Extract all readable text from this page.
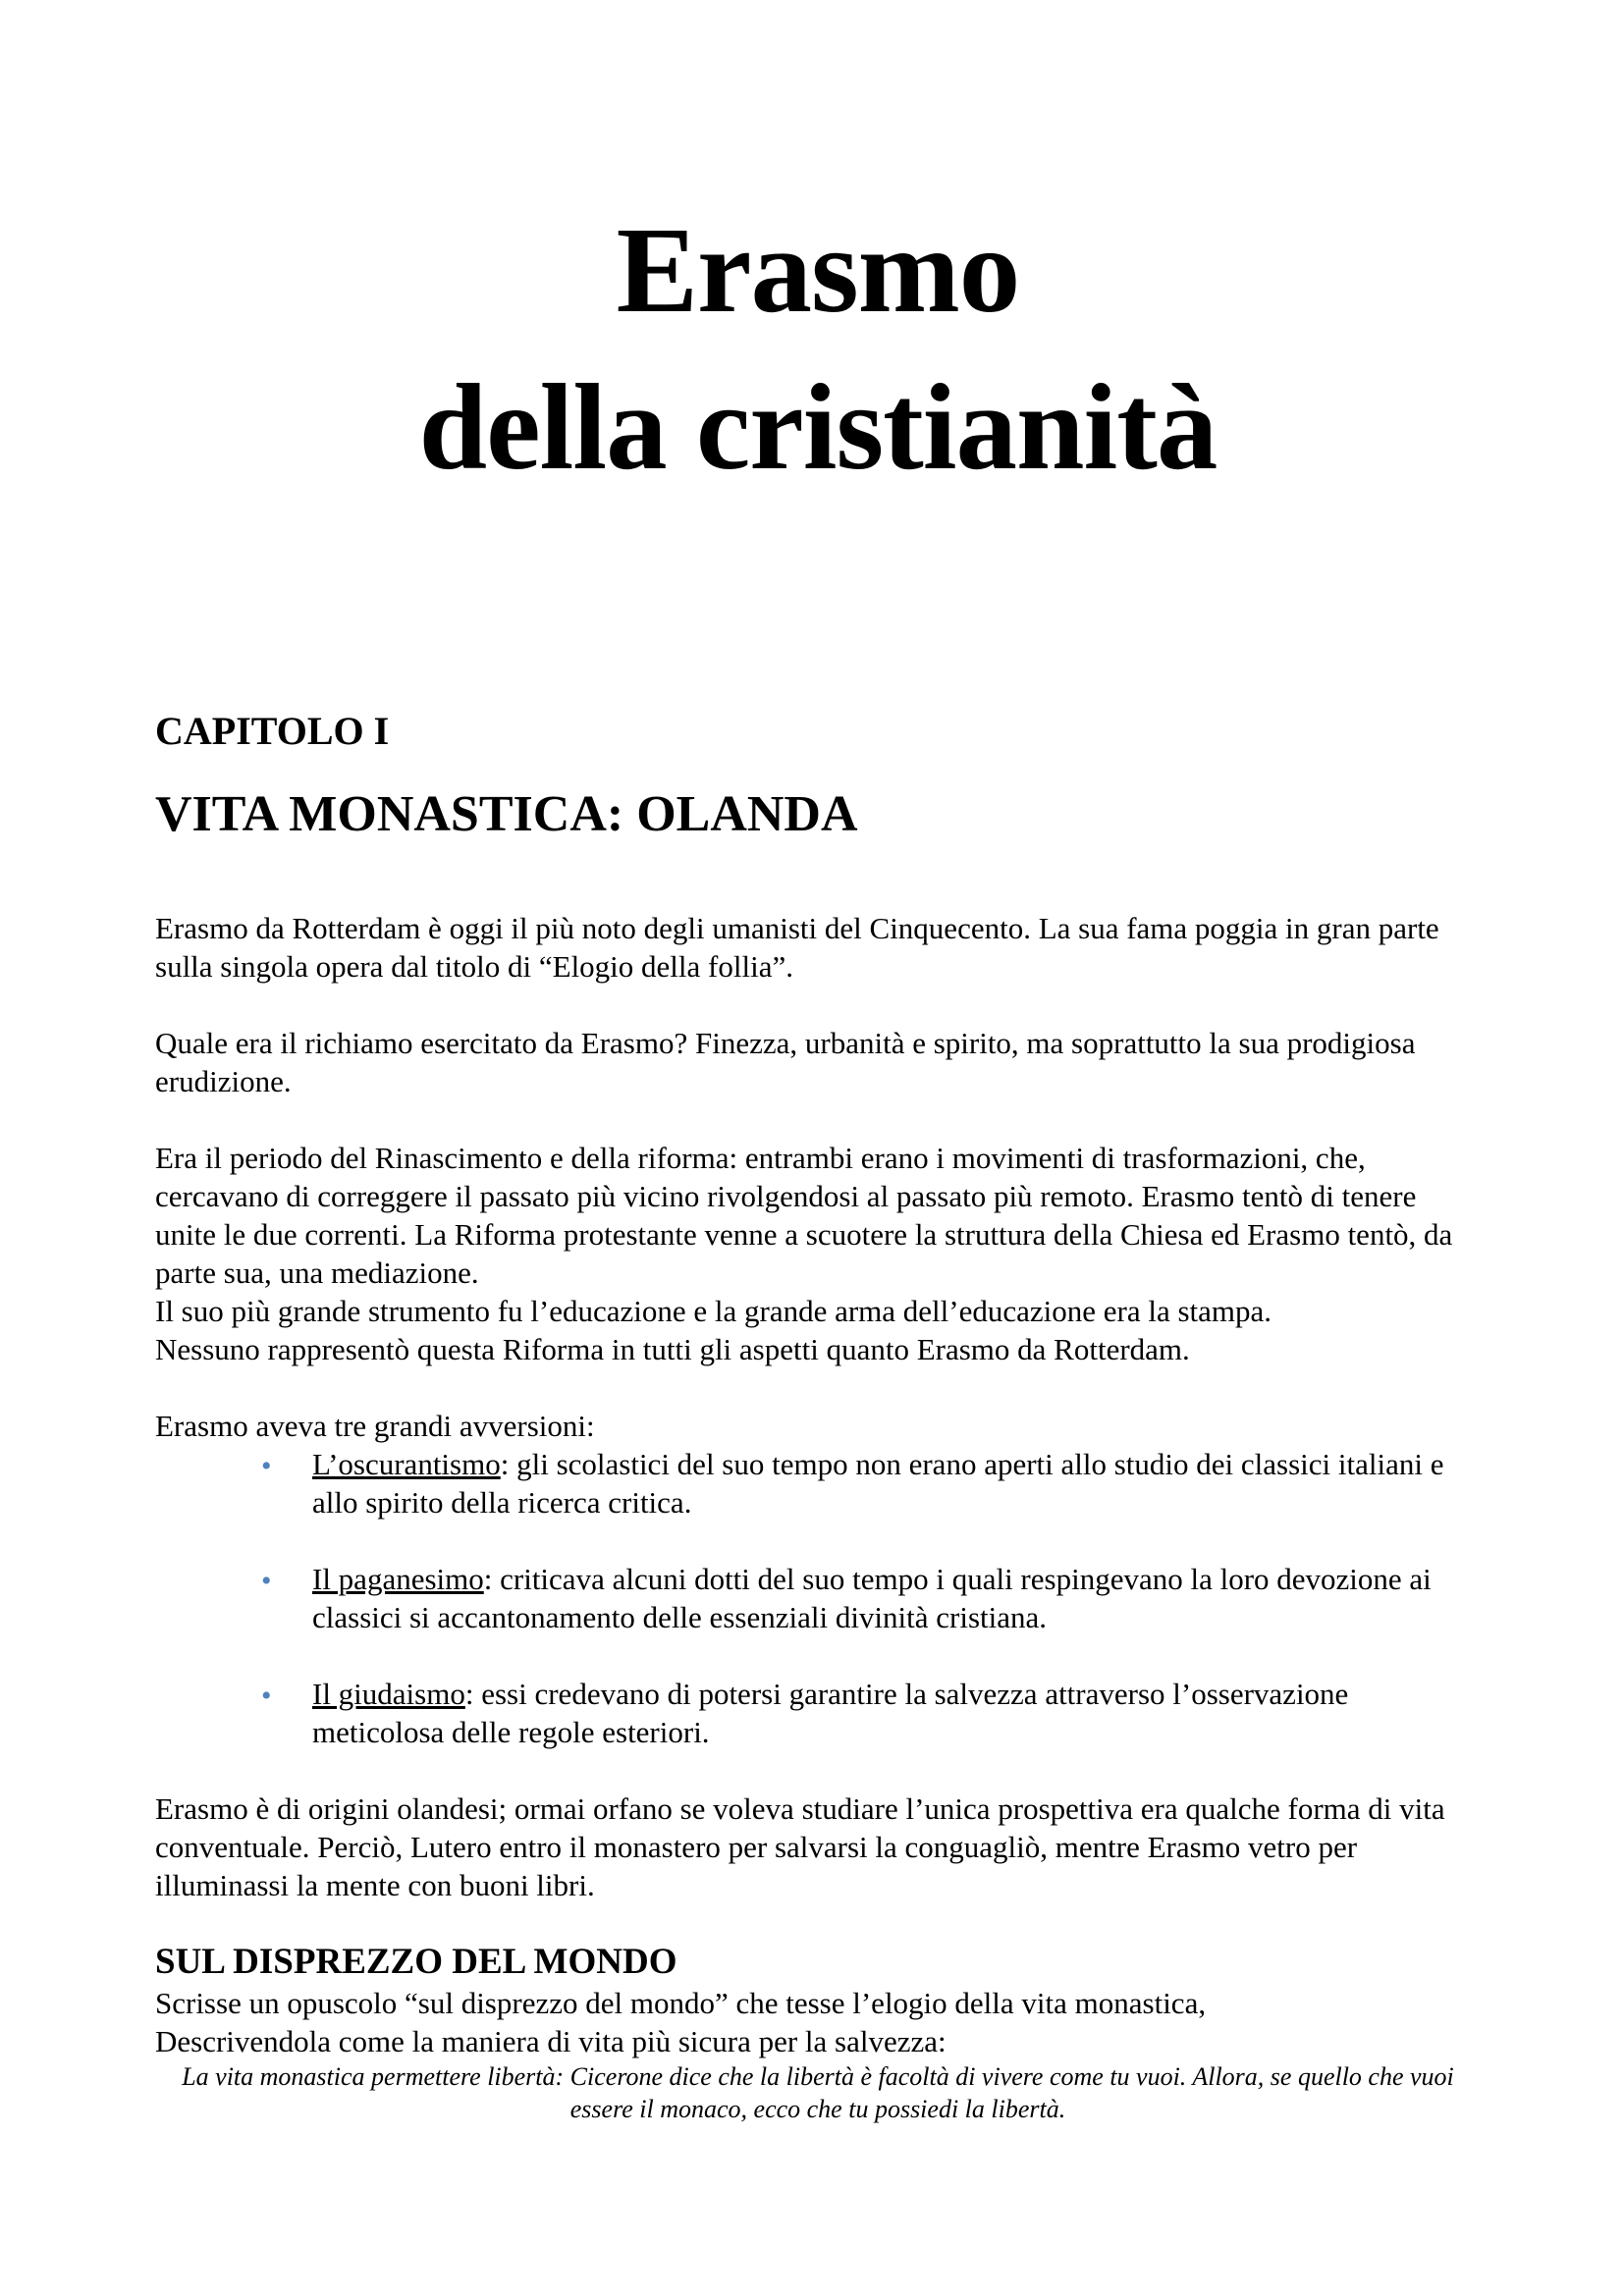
Erasmo
della cristianità
CAPITOLO I
VITA MONASTICA: OLANDA

Erasmo da Rotterdam è oggi il più noto degli umanisti del Cinquecento. La sua fama poggia in gran parte sulla singola opera dal titolo di “Elogio della follia”.

Quale era il richiamo esercitato da Erasmo? Finezza, urbanità e spirito, ma soprattutto la sua prodigiosa erudizione.

Era il periodo del Rinascimento e della riforma: entrambi erano i movimenti di trasformazioni, che, cercavano di correggere il passato più vicino rivolgendosi al passato più remoto. Erasmo tentò di tenere unite le due correnti. La Riforma protestante venne a scuotere la struttura della Chiesa ed Erasmo tentò, da parte sua, una mediazione.

Il suo più grande strumento fu l’educazione e la grande arma dell’educazione era la stampa.

Nessuno rappresentò questa Riforma in tutti gli aspetti quanto Erasmo da Rotterdam.

Erasmo aveva tre grandi avversioni:

• L’oscurantismo: gli scolastici del suo tempo non erano aperti allo studio dei classici italiani e allo spirito della ricerca critica.
• Il paganesimo: criticava alcuni dotti del suo tempo i quali respingevano la loro devozione ai classici si accantonamento delle essenziali divinità cristiana.
• Il giudaismo: essi credevano di potersi garantire la salvezza attraverso l’osservazione meticolosa delle regole esteriori.

Erasmo è di origini olandesi; ormai orfano se voleva studiare l’unica prospettiva era qualche forma di vita conventuale. Perciò, Lutero entro il monastero per salvarsi la conguagliò, mentre Erasmo vetro per illuminassi la mente con buoni libri.

SUL DISPREZZO DEL MONDO

Scrisse un opuscolo “sul disprezzo del mondo” che tesse l’elogio della vita monastica,

Descrivendola come la maniera di vita più sicura per la salvezza:

La vita monastica permettere libertà: Cicerone dice che la libertà è facoltà di vivere come tu vuoi. Allora, se quello che vuoi essere il monaco, ecco che tu possiedi la libertà.
